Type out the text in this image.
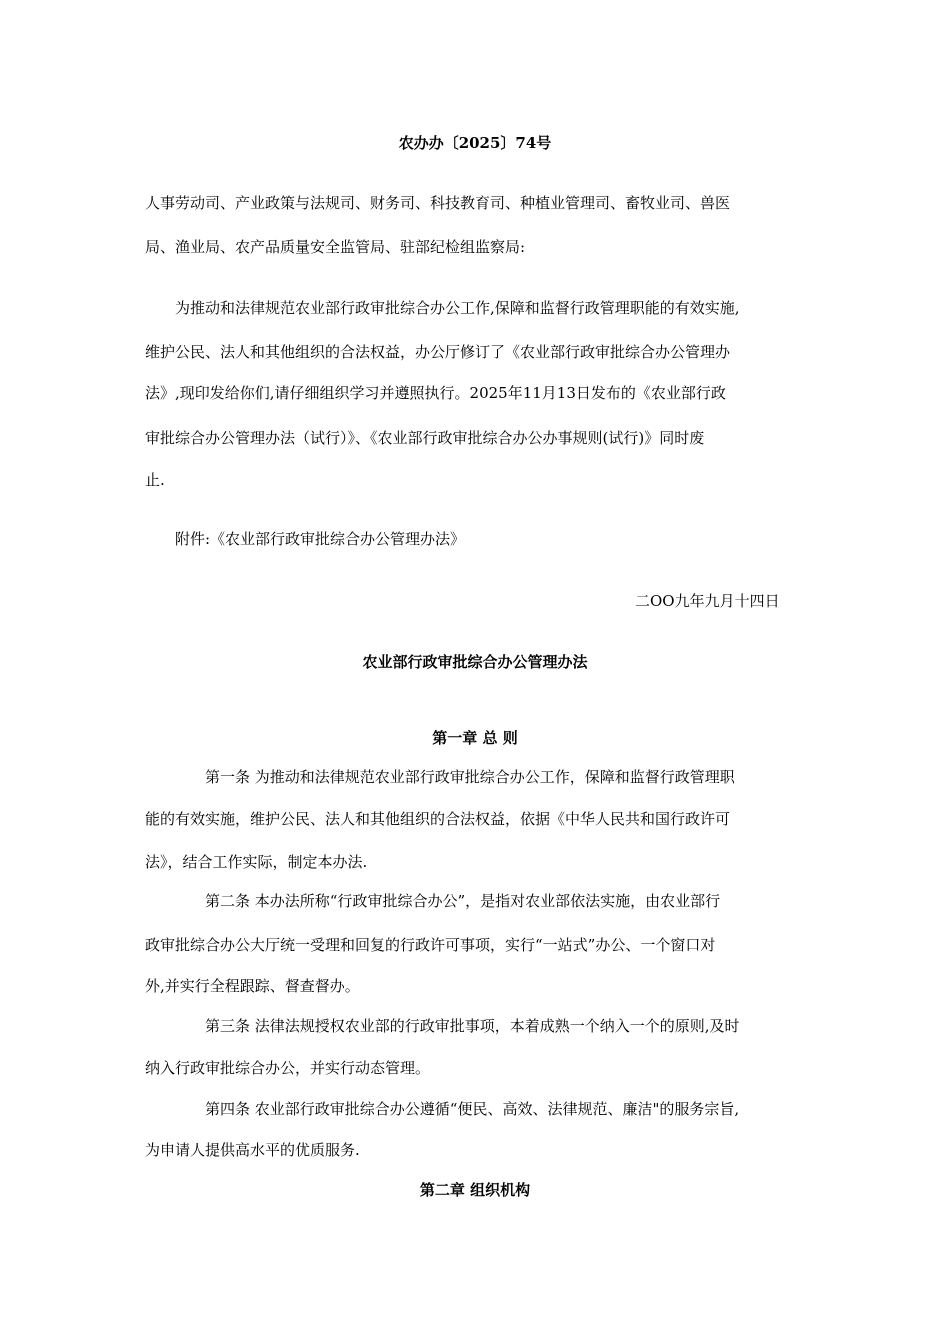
农办办〔2025〕74号
人事劳动司、产业政策与法规司、财务司、科技教育司、种植业管理司、畜牧业司、兽医
局、渔业局、农产品质量安全监管局、驻部纪检组监察局:
为推动和法律规范农业部行政审批综合办公工作,保障和监督行政管理职能的有效实施,
维护公民、法人和其他组织的合法权益，办公厅修订了《农业部行政审批综合办公管理办
法》,现印发给你们,请仔细组织学习并遵照执行。2025年11月13日发布的《农业部行政
审批综合办公管理办法（试行）》、《农业部行政审批综合办公办事规则(试行)》同时废
止.
附件:《农业部行政审批综合办公管理办法》
二OO九年九月十四日
农业部行政审批综合办公管理办法
第一章 总 则
第一条 为推动和法律规范农业部行政审批综合办公工作，保障和监督行政管理职
能的有效实施，维护公民、法人和其他组织的合法权益，依据《中华人民共和国行政许可
法》，结合工作实际，制定本办法.
第二条 本办法所称“行政审批综合办公”，是指对农业部依法实施，由农业部行
政审批综合办公大厅统一受理和回复的行政许可事项，实行“一站式”办公、一个窗口对
外,并实行全程跟踪、督查督办。
第三条 法律法规授权农业部的行政审批事项，本着成熟一个纳入一个的原则,及时
纳入行政审批综合办公，并实行动态管理。
第四条 农业部行政审批综合办公遵循“便民、高效、法律规范、廉洁"的服务宗旨,
为申请人提供高水平的优质服务.
第二章 组织机构
